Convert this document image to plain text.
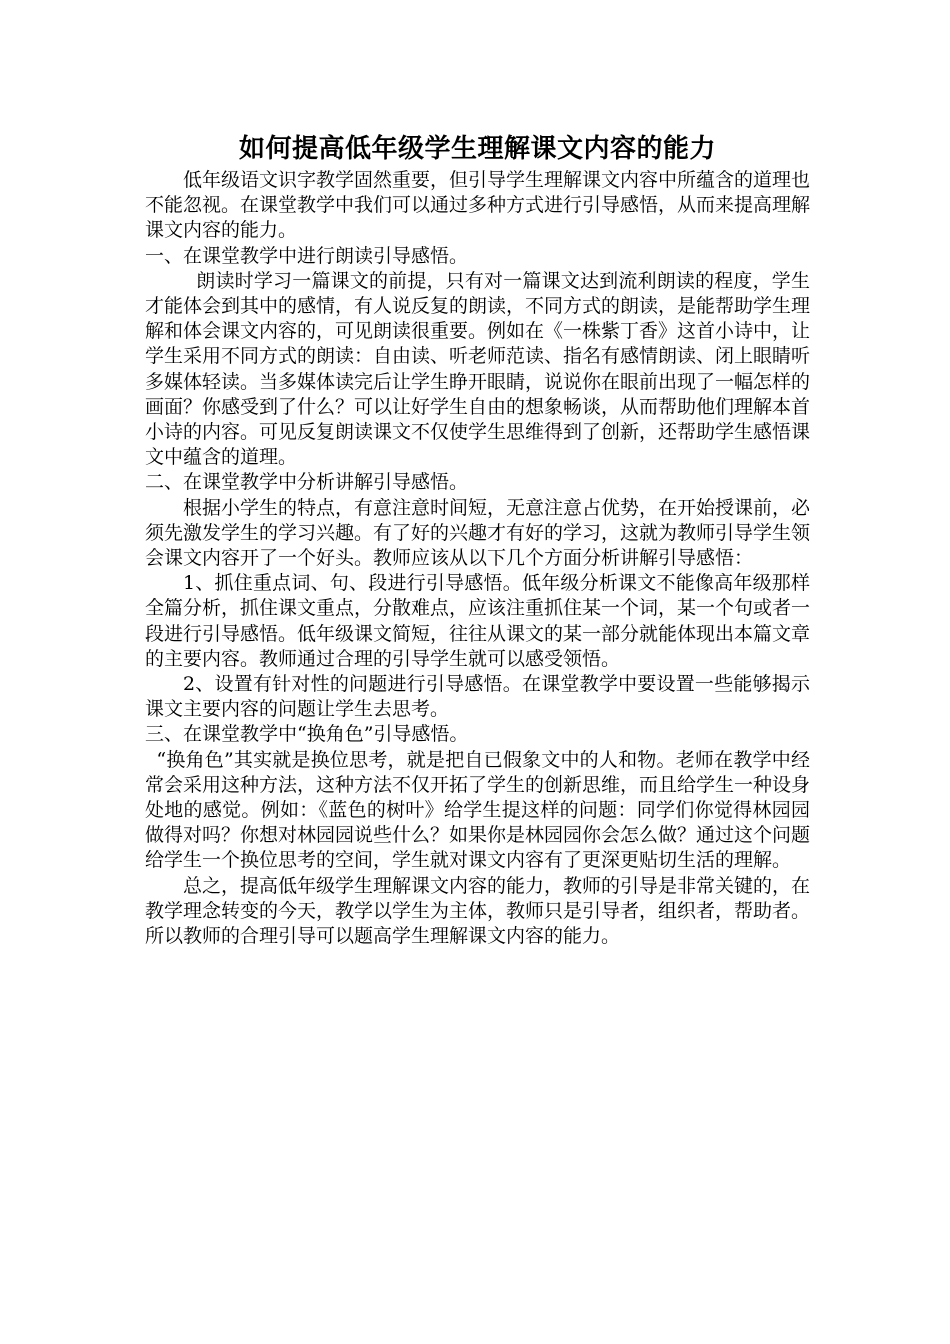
如何提高低年级学生理解课文内容的能力

低年级语文识字教学固然重要，但引导学生理解课文内容中所蕴含的道理也不能忽视。在课堂教学中我们可以通过多种方式进行引导感悟，从而来提高理解课文内容的能力。

一、在课堂教学中进行朗读引导感悟。

朗读时学习一篇课文的前提，只有对一篇课文达到流利朗读的程度，学生才能体会到其中的感情，有人说反复的朗读，不同方式的朗读，是能帮助学生理解和体会课文内容的，可见朗读很重要。例如在《一株紫丁香》这首小诗中，让学生采用不同方式的朗读：自由读、听老师范读、指名有感情朗读、闭上眼睛听多媒体轻读。当多媒体读完后让学生睁开眼睛，说说你在眼前出现了一幅怎样的画面？你感受到了什么？可以让好学生自由的想象畅谈，从而帮助他们理解本首小诗的内容。可见反复朗读课文不仅使学生思维得到了创新，还帮助学生感悟课文中蕴含的道理。

二、在课堂教学中分析讲解引导感悟。

根据小学生的特点，有意注意时间短，无意注意占优势，在开始授课前，必须先激发学生的学习兴趣。有了好的兴趣才有好的学习，这就为教师引导学生领会课文内容开了一个好头。教师应该从以下几个方面分析讲解引导感悟：

1、抓住重点词、句、段进行引导感悟。低年级分析课文不能像高年级那样全篇分析，抓住课文重点，分散难点，应该注重抓住某一个词，某一个句或者一段进行引导感悟。低年级课文简短，往往从课文的某一部分就能体现出本篇文章的主要内容。教师通过合理的引导学生就可以感受领悟。

2、设置有针对性的问题进行引导感悟。在课堂教学中要设置一些能够揭示课文主要内容的问题让学生去思考。

三、在课堂教学中“换角色”引导感悟。

“换角色”其实就是换位思考，就是把自已假象文中的人和物。老师在教学中经常会采用这种方法，这种方法不仅开拓了学生的创新思维，而且给学生一种设身处地的感觉。例如：《蓝色的树叶》给学生提这样的问题：同学们你觉得林园园做得对吗？你想对林园园说些什么？如果你是林园园你会怎么做？通过这个问题给学生一个换位思考的空间，学生就对课文内容有了更深更贴切生活的理解。

总之，提高低年级学生理解课文内容的能力，教师的引导是非常关键的，在教学理念转变的今天，教学以学生为主体，教师只是引导者，组织者，帮助者。所以教师的合理引导可以题高学生理解课文内容的能力。
